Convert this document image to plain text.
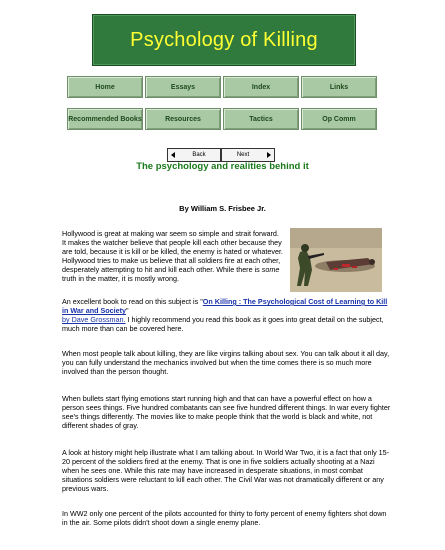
Psychology of Killing
Home	Essays	Index	Links
Recommended Books	Resources	Tactics	Op Comm
Back	Next
The psychology and realities behind it
By William S. Frisbee Jr.

Hollywood is great at making war seem so simple and strait forward. It makes the watcher believe that people kill each other because they are told, because it is kill or be killed, the enemy is hated or whatever. Hollywood tries to make us believe that all soldiers fire at each other, desperately attempting to hit and kill each other. While there is some truth in the matter, it is mostly wrong.

An excellent book to read on this subject is "On Killing : The Psychological Cost of Learning to Kill in War and Society"
by Dave Grossman. I highly recommend you read this book as it goes into great detail on the subject, much more than can be covered here.

When most people talk about killing, they are like virgins talking about sex. You can talk about it all day, you can fully understand the mechanics involved but when the time comes there is so much more involved than the person thought.

When bullets start flying emotions start running high and that can have a powerful effect on how a person sees things. Five hundred combatants can see five hundred different things. In war every fighter see's things differently. The movies like to make people think that the world is black and white, not different shades of gray.

A look at history might help illustrate what I am talking about. In World War Two, it is a fact that only 15-20 percent of the soldiers fired at the enemy. That is one in five soldiers actually shooting at a Nazi when he sees one. While this rate may have increased in desperate situations, in most combat situations soldiers were reluctant to kill each other. The Civil War was not dramatically different or any previous wars.

In WW2 only one percent of the pilots accounted for thirty to forty percent of enemy fighters shot down in the air. Some pilots didn't shoot down a single enemy plane.
